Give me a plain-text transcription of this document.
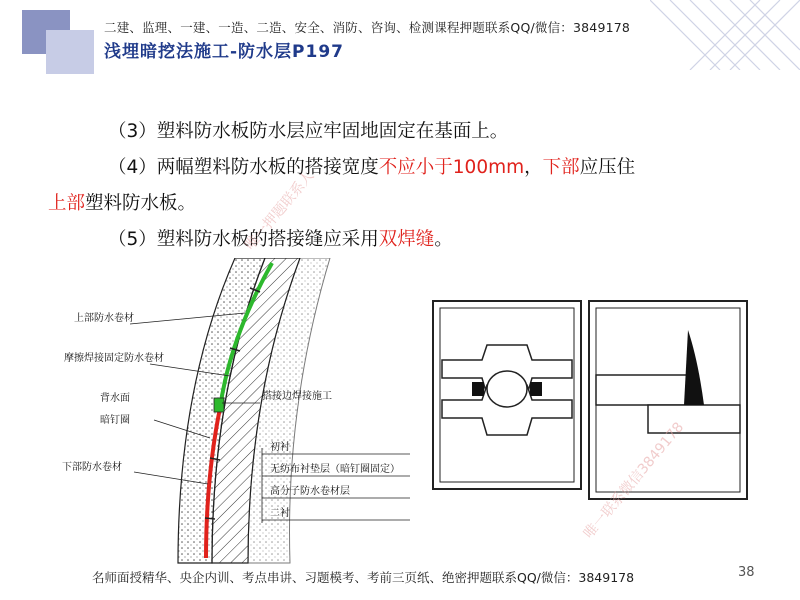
二建、监理、一建、一造、二造、安全、消防、咨询、检测课程押题联系QQ/微信：3849178
浅埋暗挖法施工-防水层P197

（3）塑料防水板防水层应牢固地固定在基面上。

（4）两幅塑料防水板的搭接宽度不应小于100mm，下部应压住

上部塑料防水板。

（5）塑料防水板的搭接缝应采用双焊缝。

上部防水卷材
摩擦焊接固定防水卷材
背水面
暗钉圈
下部防水卷材
搭接边焊接施工
初衬
无纺布衬垫层（暗钉圈固定）
高分子防水卷材层
二衬
唯一押题联系人
唯一联系微信3849178
名师面授精华、央企内训、考点串讲、习题模考、考前三页纸、绝密押题联系QQ/微信：3849178	38
